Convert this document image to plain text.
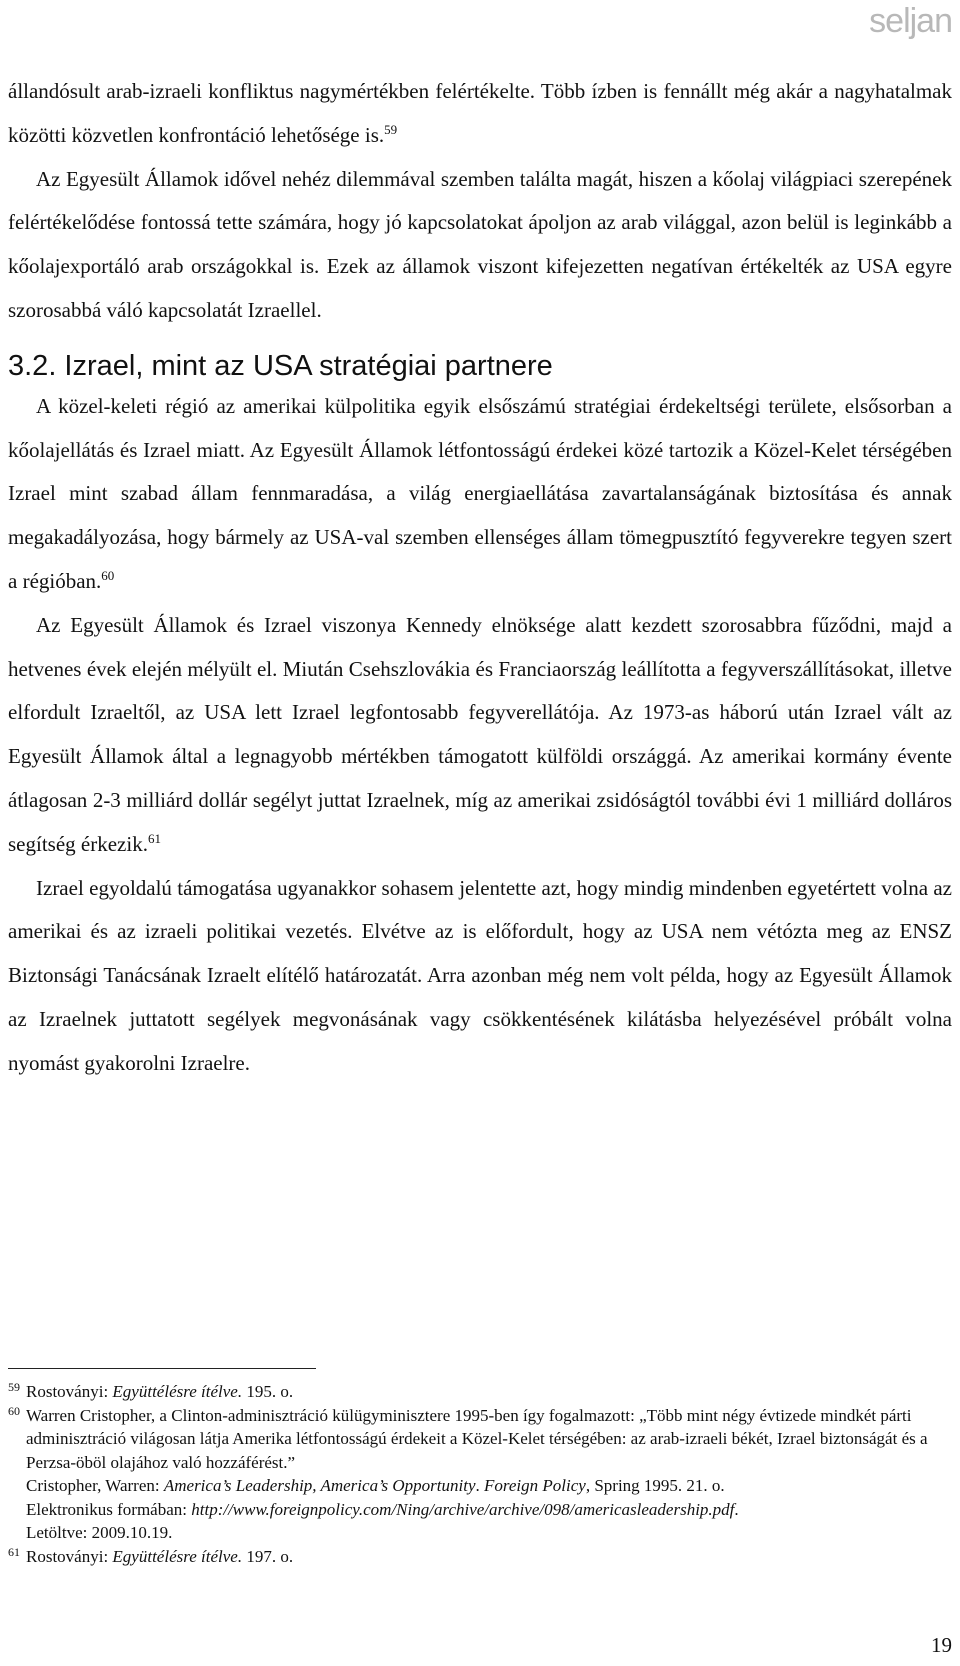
seljan

állandósult arab-izraeli konfliktus nagymértékben felértékelte. Több ízben is fennállt még akár a nagyhatalmak közötti közvetlen konfrontáció lehetősége is.$^{59}$

Az Egyesült Államok idővel nehéz dilemmával szemben találta magát, hiszen a kőolaj világpiaci szerepének felértékelődése fontossá tette számára, hogy jó kapcsolatokat ápoljon az arab világgal, azon belül is leginkább a kőolajexportáló arab országokkal is. Ezek az államok viszont kifejezetten negatívan értékelték az USA egyre szorosabbá váló kapcsolatát Izraellel.

3.2. Izrael, mint az USA stratégiai partnere

A közel-keleti régió az amerikai külpolitika egyik elsőszámú stratégiai érdekeltségi területe, elsősorban a kőolajellátás és Izrael miatt. Az Egyesült Államok létfontosságú érdekei közé tartozik a Közel-Kelet térségében Izrael mint szabad állam fennmaradása, a világ energiaellátása zavartalanságának biztosítása és annak megakadályozása, hogy bármely az USA-val szemben ellenséges állam tömegpusztító fegyverekre tegyen szert a régióban.$^{60}$

Az Egyesült Államok és Izrael viszonya Kennedy elnöksége alatt kezdett szorosabbra fűződni, majd a hetvenes évek elején mélyült el. Miután Csehszlovákia és Franciaország leállította a fegyverszállításokat, illetve elfordult Izraeltől, az USA lett Izrael legfontosabb fegyverellátója. Az 1973-as háború után Izrael vált az Egyesült Államok által a legnagyobb mértékben támogatott külföldi országgá. Az amerikai kormány évente átlagosan 2-3 milliárd dollár segélyt juttat Izraelnek, míg az amerikai zsidóságtól további évi 1 milliárd dolláros segítség érkezik.$^{61}$

Izrael egyoldalú támogatása ugyanakkor sohasem jelentette azt, hogy mindig mindenben egyetértett volna az amerikai és az izraeli politikai vezetés. Elvétve az is előfordult, hogy az USA nem vétózta meg az ENSZ Biztonsági Tanácsának Izraelt elítélő határozatát. Arra azonban még nem volt példa, hogy az Egyesült Államok az Izraelnek juttatott segélyek megvonásának vagy csökkentésének kilátásba helyezésével próbált volna nyomást gyakorolni Izraelre.

59 Rostoványi: Együttélésre ítélve. 195. o.
60 Warren Cristopher, a Clinton-adminisztráció külügyminisztere 1995-ben így fogalmazott: „Több mint négy évtizede mindkét párti adminisztráció világosan látja Amerika létfontosságú érdekeit a Közel-Kelet térségében: az arab-izraeli békét, Izrael biztonságát és a Perzsa-öböl olajához való hozzáférést.”
Cristopher, Warren: America’s Leadership, America’s Opportunity. Foreign Policy, Spring 1995. 21. o.
Elektronikus formában: http://www.foreignpolicy.com/Ning/archive/archive/098/americasleadership.pdf.
Letöltve: 2009.10.19.
61 Rostoványi: Együttélésre ítélve. 197. o.
19
